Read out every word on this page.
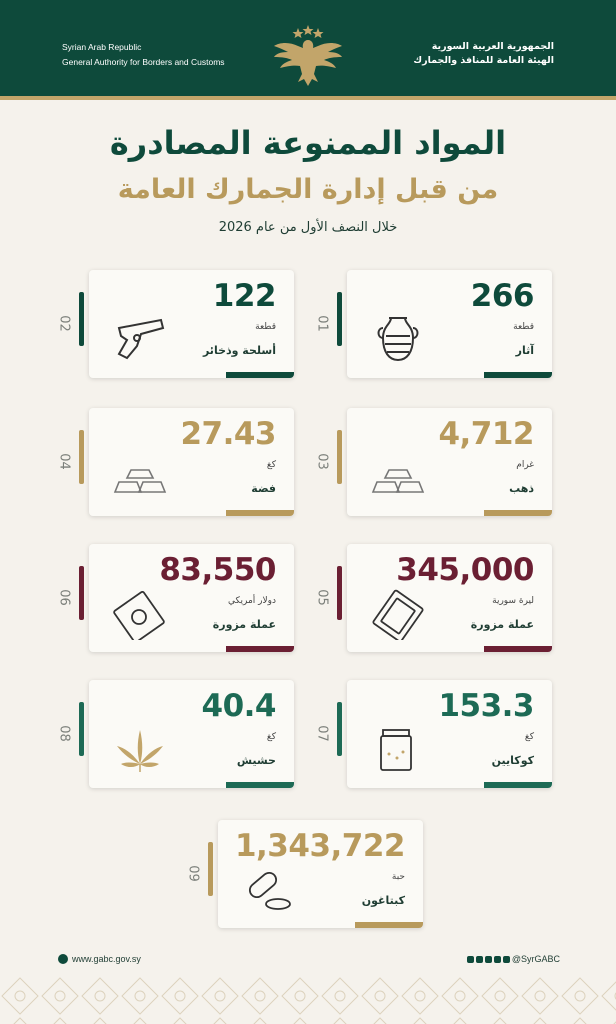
Syrian Arab Republic
General Authority for Borders and Customs
الجمهورية العربية السورية
الهيئة العامة للمنافذ والجمارك
المواد الممنوعة المصادرة
من قبل إدارة الجمارك العامة
خلال النصف الأول من عام 2026
01
266
قطعة
آثار
02
122
قطعة
أسلحة وذخائر
03
4,712
غرام
ذهب
04
27.43
كغ
فضة
05
345,000
ليرة سورية
عملة مزورة
06
83,550
دولار أمريكي
عملة مزورة
07
153.3
كغ
كوكايين
08
40.4
كغ
حشيش
09
1,343,722
حبة
كبتاغون
www.gabc.gov.sy	@SyrGABC
